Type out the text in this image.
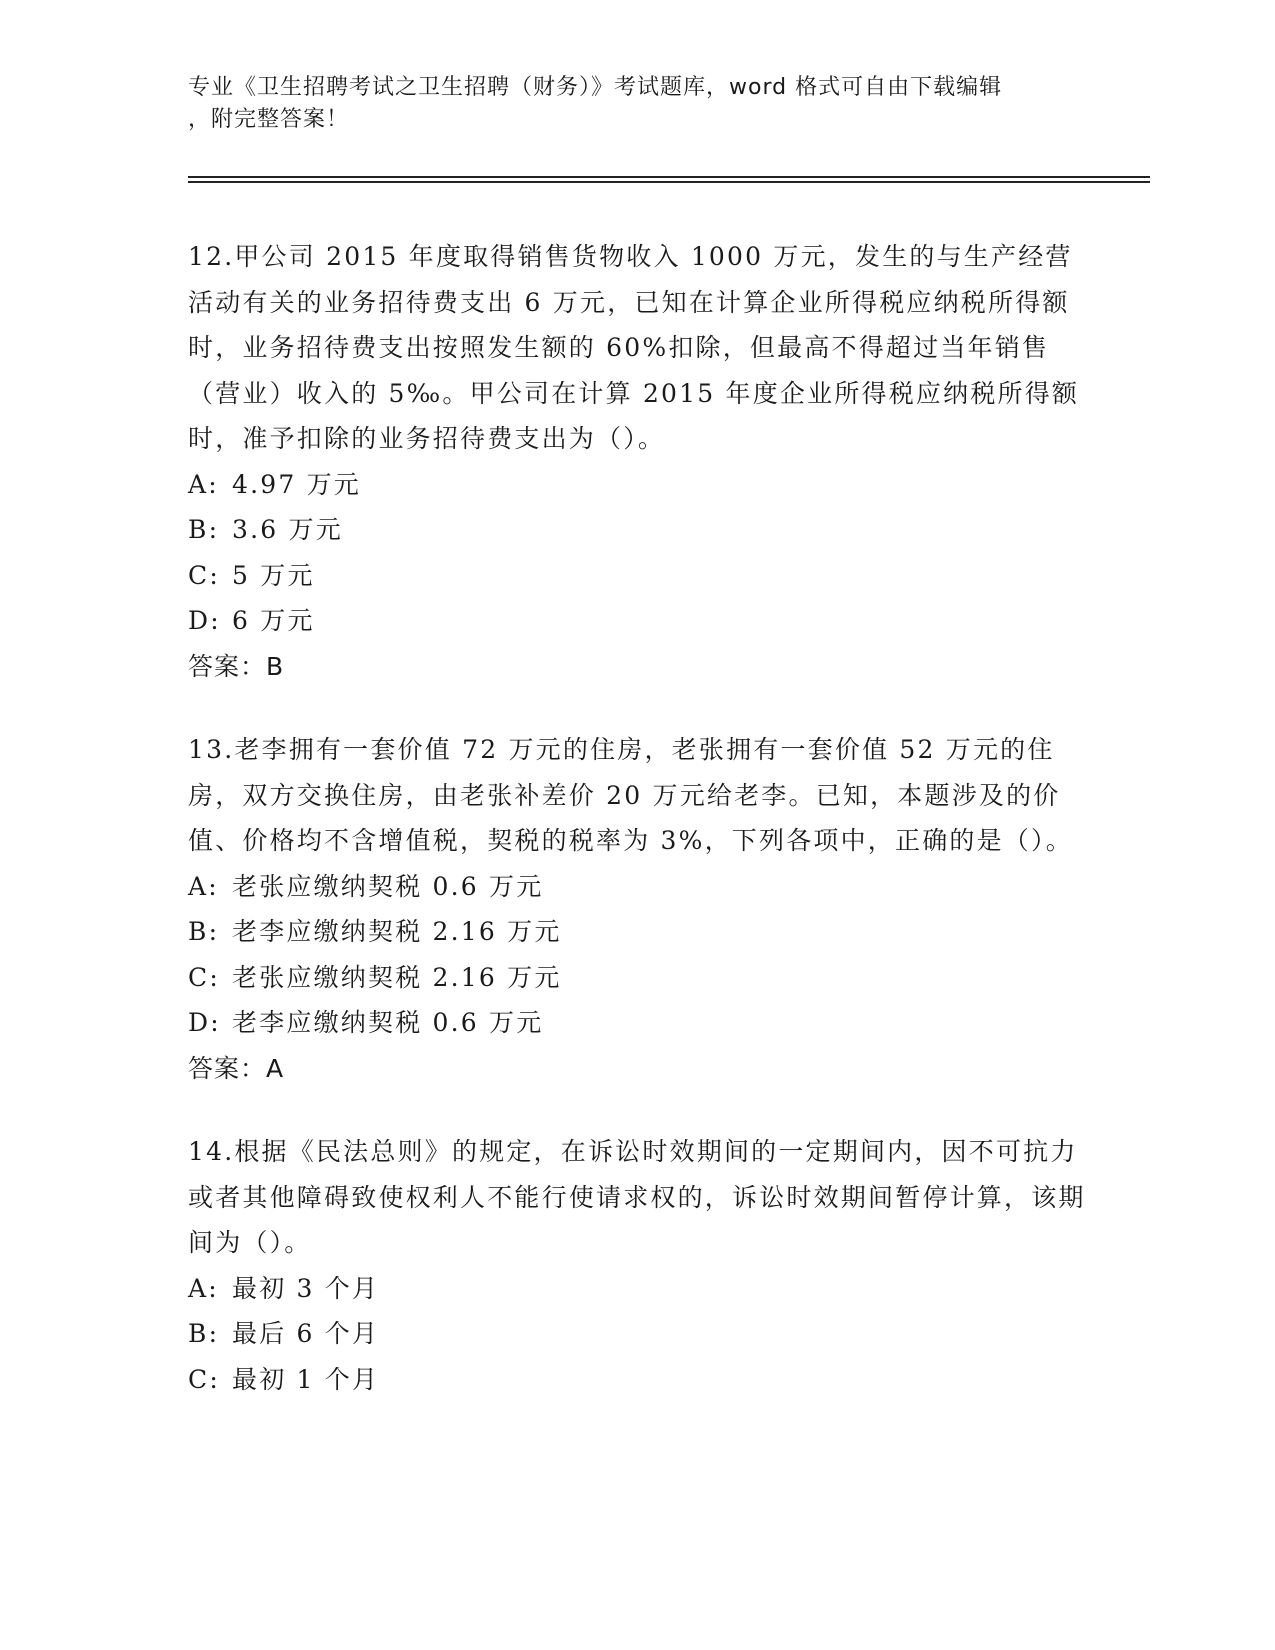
专业《卫生招聘考试之卫生招聘（财务）》考试题库，word 格式可自由下载编辑
，附完整答案！

12.甲公司 2015 年度取得销售货物收入 1000 万元，发生的与生产经营活动有关的业务招待费支出 6 万元，已知在计算企业所得税应纳税所得额时，业务招待费支出按照发生额的 60%扣除，但最高不得超过当年销售（营业）收入的 5‰。甲公司在计算 2015 年度企业所得税应纳税所得额时，准予扣除的业务招待费支出为（）。

A: 4.97 万元

B: 3.6 万元

C: 5 万元

D: 6 万元

答案：B

13.老李拥有一套价值 72 万元的住房，老张拥有一套价值 52 万元的住房，双方交换住房，由老张补差价 20 万元给老李。已知，本题涉及的价值、价格均不含增值税，契税的税率为 3%，下列各项中，正确的是（）。

A: 老张应缴纳契税 0.6 万元

B: 老李应缴纳契税 2.16 万元

C: 老张应缴纳契税 2.16 万元

D: 老李应缴纳契税 0.6 万元

答案：A

14.根据《民法总则》的规定，在诉讼时效期间的一定期间内，因不可抗力或者其他障碍致使权利人不能行使请求权的，诉讼时效期间暂停计算，该期间为（）。

A: 最初 3 个月

B: 最后 6 个月

C: 最初 1 个月
